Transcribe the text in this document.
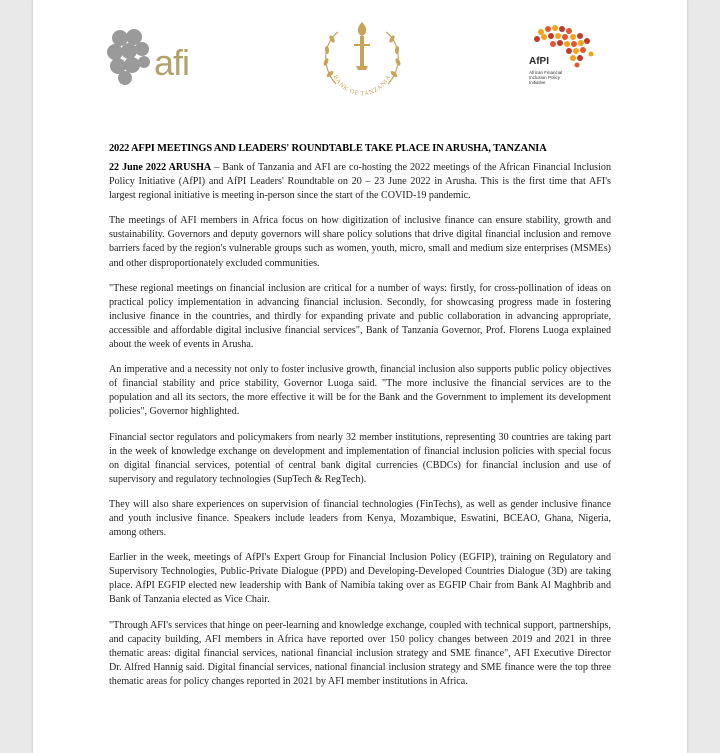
afi	BANK OF TANZANIA
AfPI
African Financial Inclusion Policy Initiative
2022 AFPI MEETINGS AND LEADERS' ROUNDTABLE TAKE PLACE IN ARUSHA, TANZANIA

22 June 2022 ARUSHA – Bank of Tanzania and AFI are co-hosting the 2022 meetings of the African Financial Inclusion Policy Initiative (AfPI) and AfPI Leaders' Roundtable on 20 – 23 June 2022 in Arusha. This is the first time that AFI's largest regional initiative is meeting in-person since the start of the COVID-19 pandemic.

The meetings of AFI members in Africa focus on how digitization of inclusive finance can ensure stability, growth and sustainability. Governors and deputy governors will share policy solutions that drive digital financial inclusion and remove barriers faced by the region's vulnerable groups such as women, youth, micro, small and medium size enterprises (MSMEs) and other disproportionately excluded communities.

"These regional meetings on financial inclusion are critical for a number of ways: firstly, for cross-pollination of ideas on practical policy implementation in advancing financial inclusion. Secondly, for showcasing progress made in fostering inclusive finance in the countries, and thirdly for expanding private and public collaboration in advancing appropriate, accessible and affordable digital inclusive financial services", Bank of Tanzania Governor, Prof. Florens Luoga explained about the week of events in Arusha.

An imperative and a necessity not only to foster inclusive growth, financial inclusion also supports public policy objectives of financial stability and price stability, Governor Luoga said. "The more inclusive the financial services are to the population and all its sectors, the more effective it will be for the Bank and the Government to implement its development policies", Governor highlighted.

Financial sector regulators and policymakers from nearly 32 member institutions, representing 30 countries are taking part in the week of knowledge exchange on development and implementation of financial inclusion policies with special focus on digital financial services, potential of central bank digital currencies (CBDCs) for financial inclusion and use of supervisory and regulatory technologies (SupTech & RegTech).

They will also share experiences on supervision of financial technologies (FinTechs), as well as gender inclusive finance and youth inclusive finance. Speakers include leaders from Kenya, Mozambique, Eswatini, BCEAO, Ghana, Nigeria, among others.

Earlier in the week, meetings of AfPI's Expert Group for Financial Inclusion Policy (EGFIP), training on Regulatory and Supervisory Technologies, Public-Private Dialogue (PPD) and Developing-Developed Countries Dialogue (3D) are taking place. AfPI EGFIP elected new leadership with Bank of Namibia taking over as EGFIP Chair from Bank Al Maghbrib and Bank of Tanzania elected as Vice Chair.

"Through AFI's services that hinge on peer-learning and knowledge exchange, coupled with technical support, partnerships, and capacity building, AFI members in Africa have reported over 150 policy changes between 2019 and 2021 in three thematic areas: digital financial services, national financial inclusion strategy and SME finance", AFI Executive Director Dr. Alfred Hannig said. Digital financial services, national financial inclusion strategy and SME finance were the top three thematic areas for policy changes reported in 2021 by AFI member institutions in Africa.
